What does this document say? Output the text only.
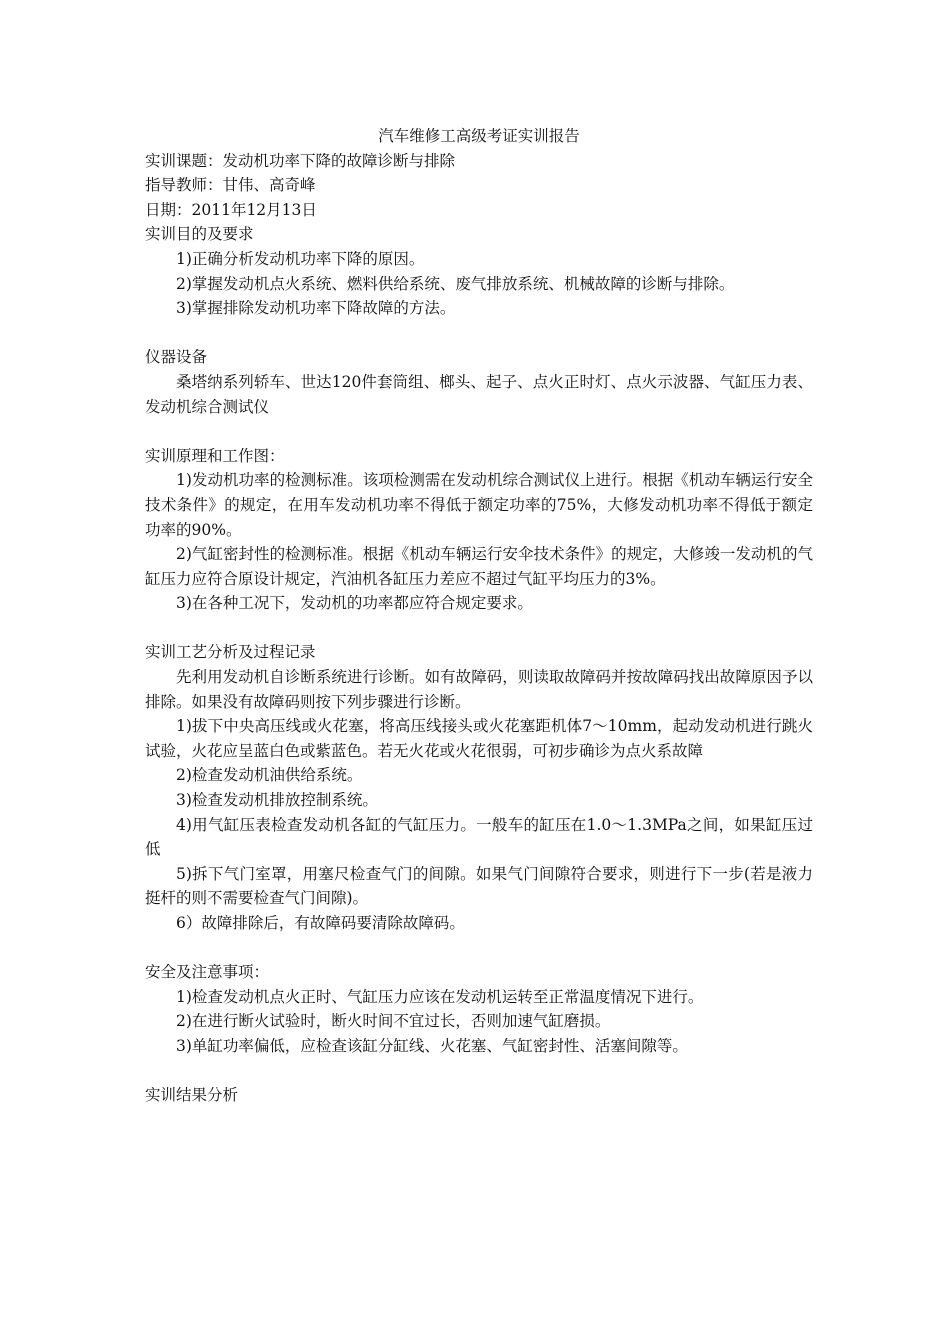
汽车维修工高级考证实训报告

实训课题：发动机功率下降的故障诊断与排除

指导教师：甘伟、高奇峰

日期：2011年12月13日

实训目的及要求

1)正确分析发动机功率下降的原因。

2)掌握发动机点火系统、燃料供给系统、废气排放系统、机械故障的诊断与排除。

3)掌握排除发动机功率下降故障的方法。

仪器设备

桑塔纳系列轿车、世达120件套筒组、榔头、起子、点火正时灯、点火示波器、气缸压力表、发动机综合测试仪

实训原理和工作图：

1)发动机功率的检测标准。该项检测需在发动机综合测试仪上进行。根据《机动车辆运行安全技术条件》的规定，在用车发动机功率不得低于额定功率的75%，大修发动机功率不得低于额定功率的90%。

2)气缸密封性的检测标准。根据《机动车辆运行安伞技术条件》的规定，大修竣一发动机的气缸压力应符合原设计规定，汽油机各缸压力差应不超过气缸平均压力的3%。

3)在各种工况下，发动机的功率都应符合规定要求。

实训工艺分析及过程记录

先利用发动机自诊断系统进行诊断。如有故障码，则读取故障码并按故障码找出故障原因予以排除。如果没有故障码则按下列步骤进行诊断。

1)拔下中央高压线或火花塞，将高压线接头或火花塞距机体7～10mm，起动发动机进行跳火试验，火花应呈蓝白色或紫蓝色。若无火花或火花很弱，可初步确诊为点火系故障

2)检查发动机油供给系统。

3)检查发动机排放控制系统。

4)用气缸压表检查发动机各缸的气缸压力。一般车的缸压在1.0～1.3MPa之间，如果缸压过低

5)拆下气门室罩，用塞尺检查气门的间隙。如果气门间隙符合要求，则进行下一步(若是液力挺杆的则不需要检查气门间隙)。

6）故障排除后，有故障码要清除故障码。

安全及注意事项：

1)检查发动机点火正时、气缸压力应该在发动机运转至正常温度情况下进行。

2)在进行断火试验时，断火时间不宜过长，否则加速气缸磨损。

3)单缸功率偏低，应检查该缸分缸线、火花塞、气缸密封性、活塞间隙等。

实训结果分析
